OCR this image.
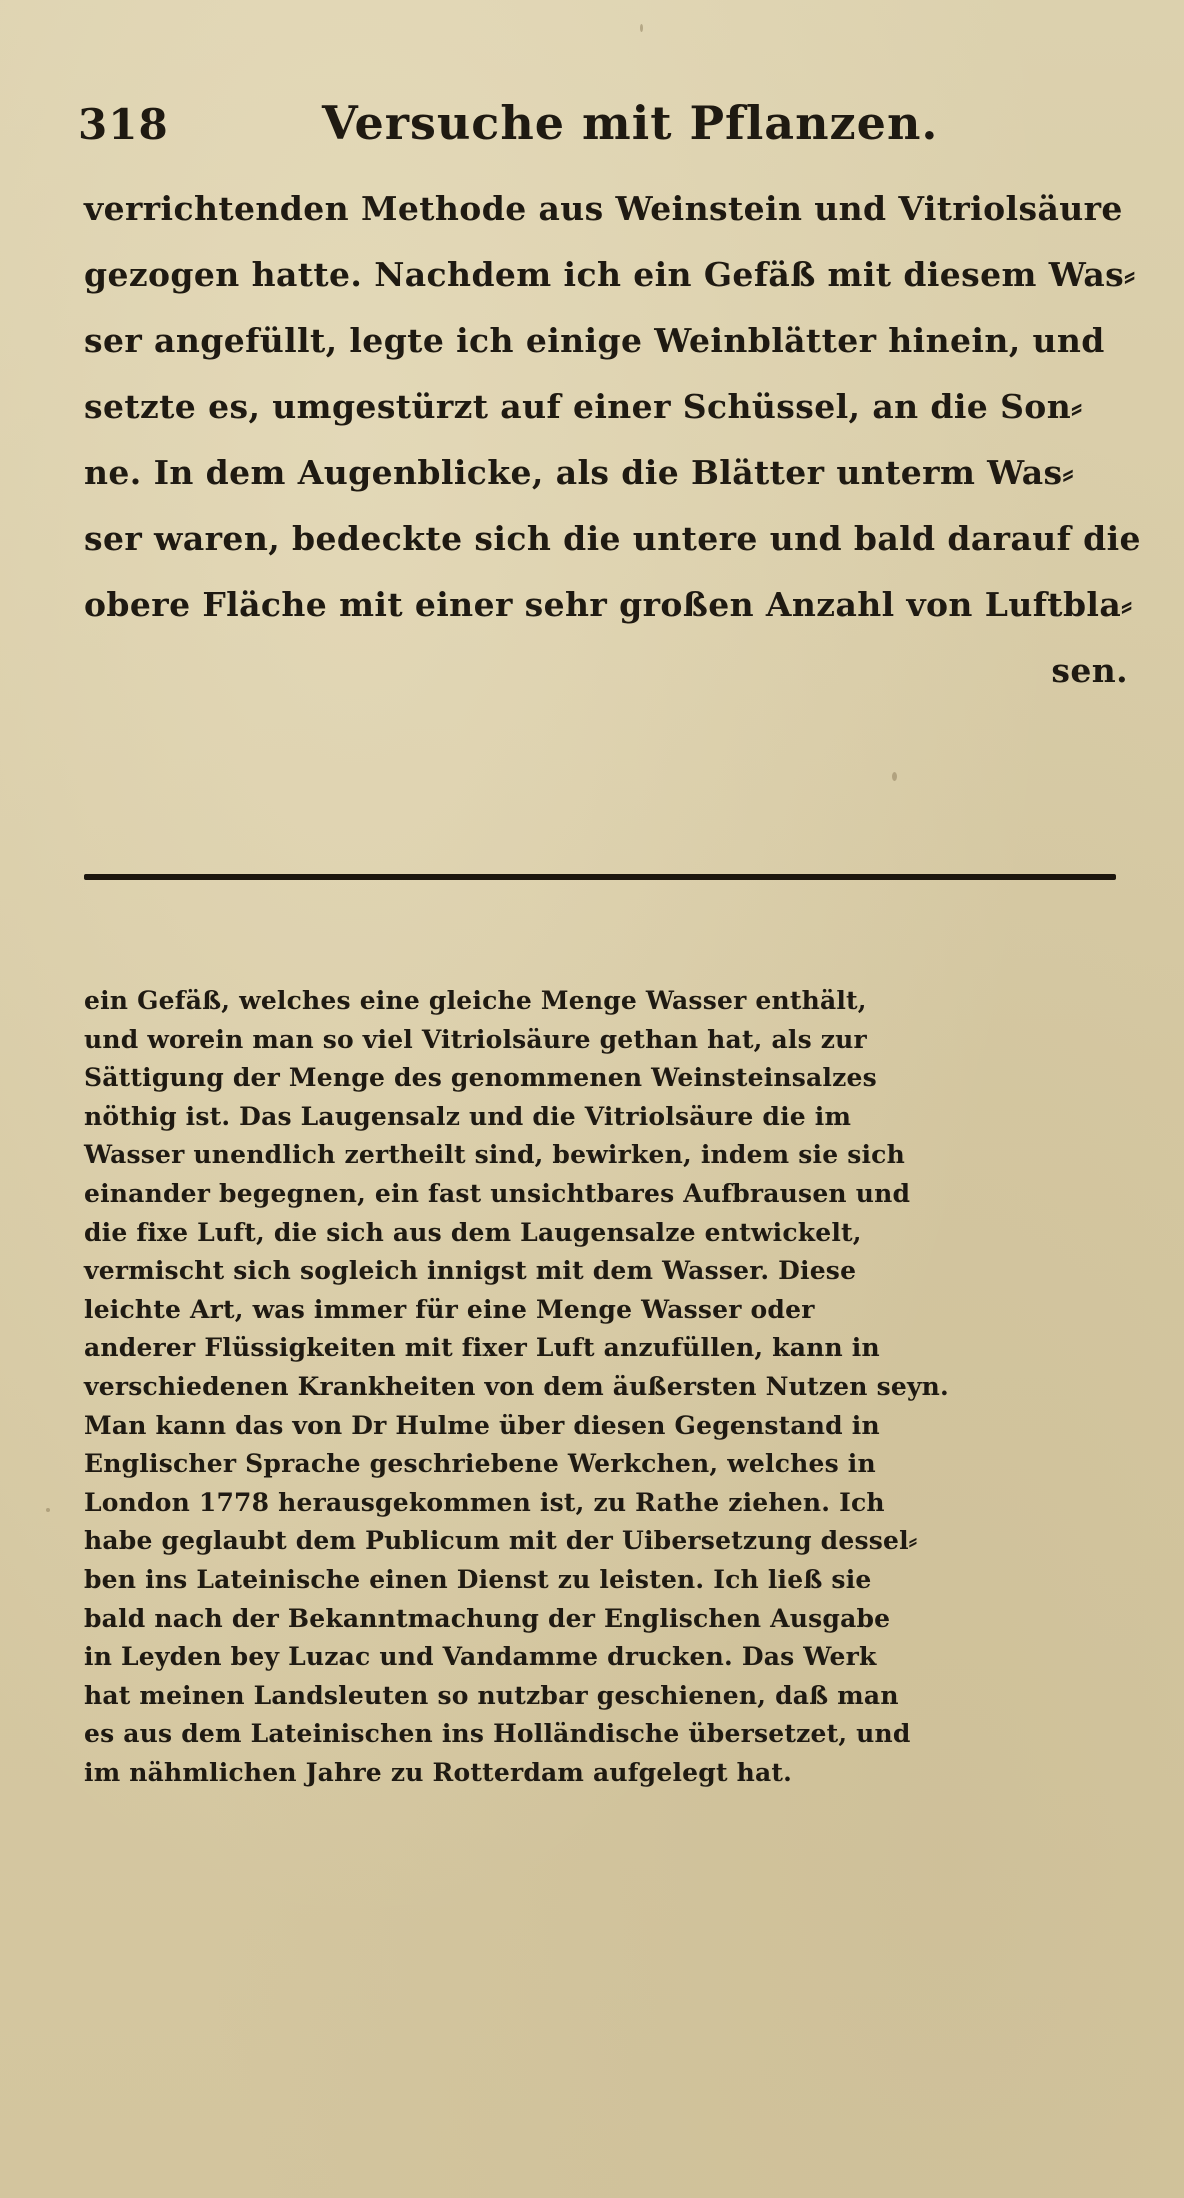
318	Versuche mit Pflanzen.
verrichtenden Methode aus Weinstein und Vitriolsäure
gezogen hatte. Nachdem ich ein Gefäß mit diesem Was⸗
ser angefüllt, legte ich einige Weinblätter hinein, und
setzte es, umgestürzt auf einer Schüssel, an die Son⸗
ne. In dem Augenblicke, als die Blätter unterm Was⸗
ser waren, bedeckte sich die untere und bald darauf die
obere Fläche mit einer sehr großen Anzahl von Luftbla⸗
sen.
ein Gefäß, welches eine gleiche Menge Wasser enthält,
und worein man so viel Vitriolsäure gethan hat, als zur
Sättigung der Menge des genommenen Weinsteinsalzes
nöthig ist. Das Laugensalz und die Vitriolsäure die im
Wasser unendlich zertheilt sind, bewirken, indem sie sich
einander begegnen, ein fast unsichtbares Aufbrausen und
die fixe Luft, die sich aus dem Laugensalze entwickelt,
vermischt sich sogleich innigst mit dem Wasser. Diese
leichte Art, was immer für eine Menge Wasser oder
anderer Flüssigkeiten mit fixer Luft anzufüllen, kann in
verschiedenen Krankheiten von dem äußersten Nutzen seyn.
Man kann das von Dr Hulme über diesen Gegenstand in
Englischer Sprache geschriebene Werkchen, welches in
London 1778 herausgekommen ist, zu Rathe ziehen. Ich
habe geglaubt dem Publicum mit der Uibersetzung dessel⸗
ben ins Lateinische einen Dienst zu leisten. Ich ließ sie
bald nach der Bekanntmachung der Englischen Ausgabe
in Leyden bey Luzac und Vandamme drucken. Das Werk
hat meinen Landsleuten so nutzbar geschienen, daß man
es aus dem Lateinischen ins Holländische übersetzet, und
im nähmlichen Jahre zu Rotterdam aufgelegt hat.
